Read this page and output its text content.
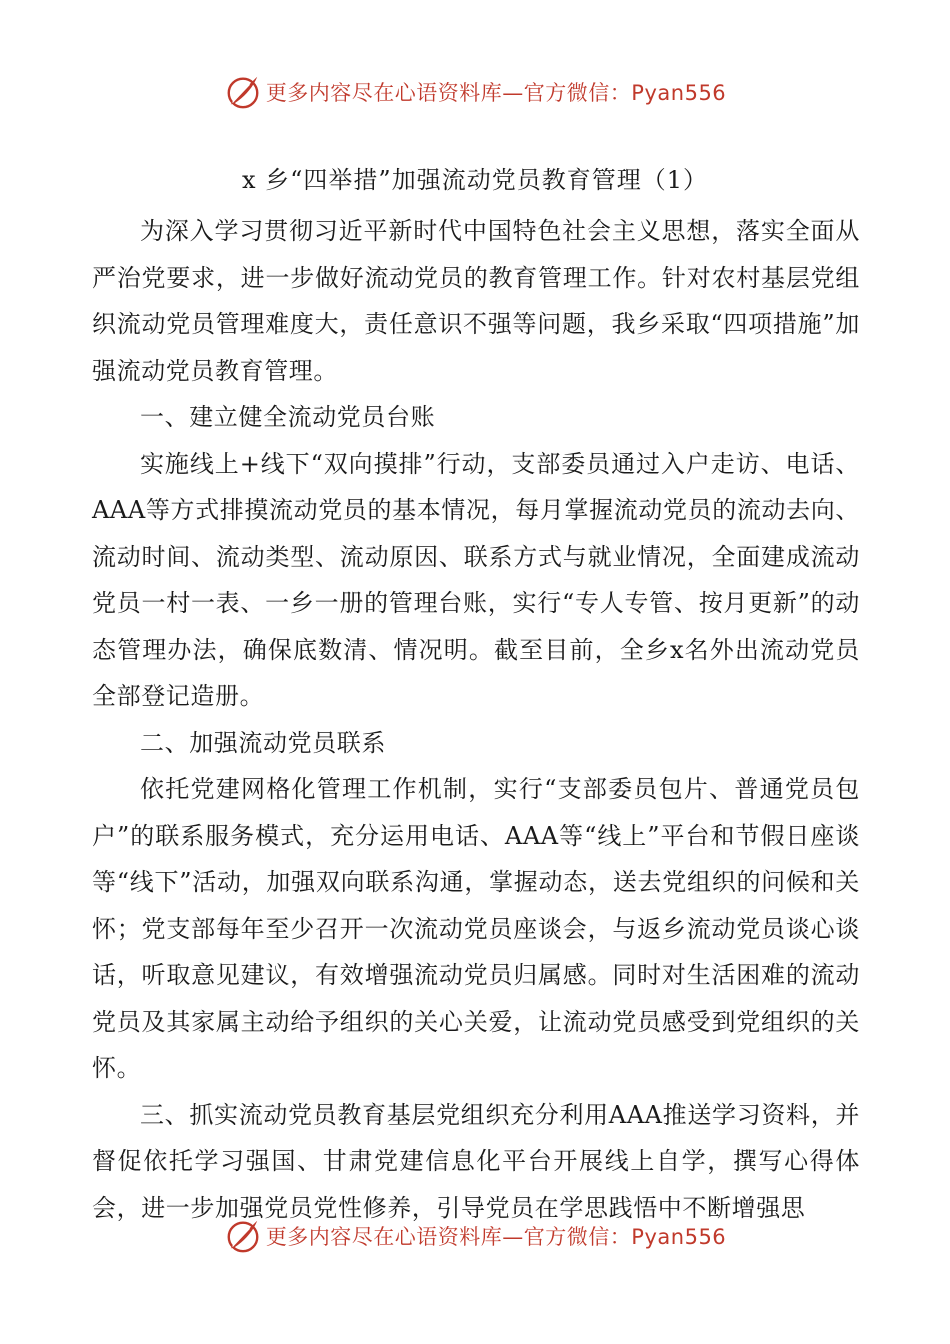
更多内容尽在心语资料库—官方微信：Pyan556
x 乡“四举措”加强流动党员教育管理（1）

为深入学习贯彻习近平新时代中国特色社会主义思想，落实全面从严治党要求，进一步做好流动党员的教育管理工作。针对农村基层党组织流动党员管理难度大，责任意识不强等问题，我乡采取“四项措施”加强流动党员教育管理。

一、建立健全流动党员台账

实施线上+线下“双向摸排”行动，支部委员通过入户走访、电话、AAA等方式排摸流动党员的基本情况，每月掌握流动党员的流动去向、流动时间、流动类型、流动原因、联系方式与就业情况，全面建成流动党员一村一表、一乡一册的管理台账，实行“专人专管、按月更新”的动态管理办法，确保底数清、情况明。截至目前，全乡x名外出流动党员全部登记造册。

二、加强流动党员联系

依托党建网格化管理工作机制，实行“支部委员包片、普通党员包户”的联系服务模式，充分运用电话、AAA等“线上”平台和节假日座谈等“线下”活动，加强双向联系沟通，掌握动态，送去党组织的问候和关怀；党支部每年至少召开一次流动党员座谈会，与返乡流动党员谈心谈话，听取意见建议，有效增强流动党员归属感。同时对生活困难的流动党员及其家属主动给予组织的关心关爱，让流动党员感受到党组织的关怀。

三、抓实流动党员教育基层党组织充分利用AAA推送学习资料，并督促依托学习强国、甘肃党建信息化平台开展线上自学，撰写心得体会，进一步加强党员党性修养，引导党员在学思践悟中不断增强思

更多内容尽在心语资料库—官方微信：Pyan556
